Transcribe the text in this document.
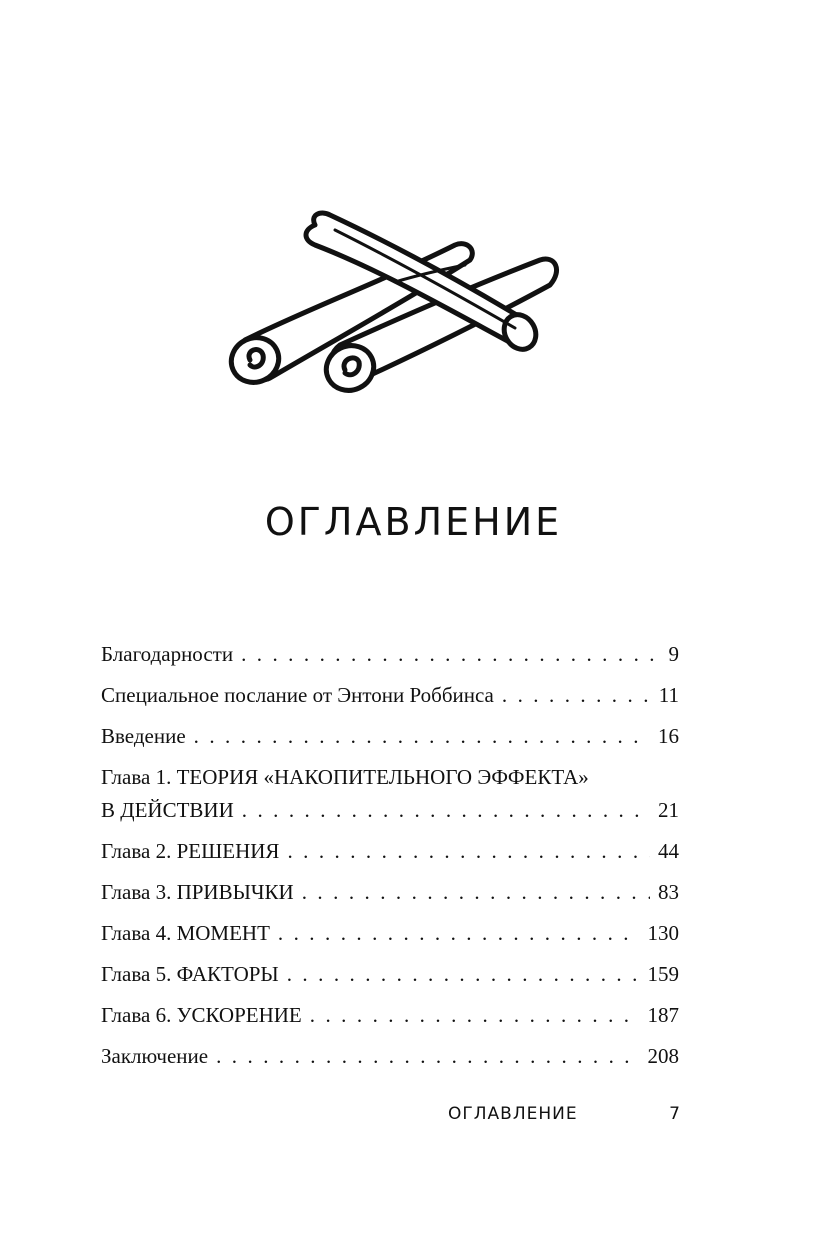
ОГЛАВЛЕНИЕ
Благодарности . . .	9
Специальное послание от Энтони Роббинса . . .	11
Введение . . .	16
Глава 1. ТЕОРИЯ «НАКОПИТЕЛЬНОГО ЭФФЕКТА»
В ДЕЙСТВИИ . . .	21
Глава 2. РЕШЕНИЯ . . .	44
Глава 3. ПРИВЫЧКИ . . .	83
Глава 4. МОМЕНТ . . .	130
Глава 5. ФАКТОРЫ . . .	159
Глава 6. УСКОРЕНИЕ . . .	187
Заключение . . .	208
ОГЛАВЛЕНИЕ	7
